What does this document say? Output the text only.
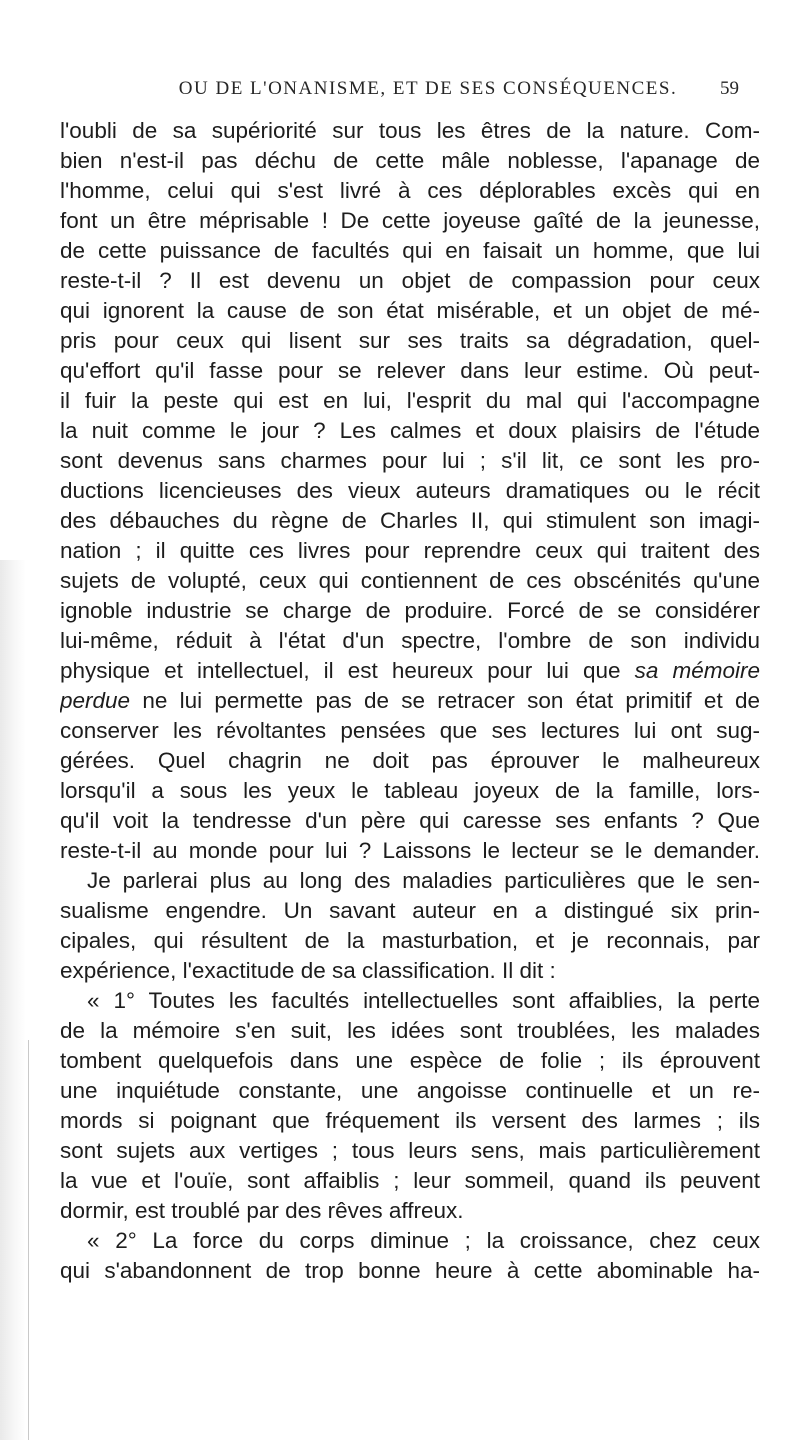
OU DE L'ONANISME, ET DE SES CONSÉQUENCES.	59
l'oubli de sa supériorité sur tous les êtres de la nature. Com-
bien n'est-il pas déchu de cette mâle noblesse, l'apanage de
l'homme, celui qui s'est livré à ces déplorables excès qui en
font un être méprisable ! De cette joyeuse gaîté de la jeunesse,
de cette puissance de facultés qui en faisait un homme, que lui
reste-t-il ? Il est devenu un objet de compassion pour ceux
qui ignorent la cause de son état misérable, et un objet de mé-
pris pour ceux qui lisent sur ses traits sa dégradation, quel-
qu'effort qu'il fasse pour se relever dans leur estime. Où peut-
il fuir la peste qui est en lui, l'esprit du mal qui l'accompagne
la nuit comme le jour ? Les calmes et doux plaisirs de l'étude
sont devenus sans charmes pour lui ; s'il lit, ce sont les pro-
ductions licencieuses des vieux auteurs dramatiques ou le récit
des débauches du règne de Charles II, qui stimulent son imagi-
nation ; il quitte ces livres pour reprendre ceux qui traitent des
sujets de volupté, ceux qui contiennent de ces obscénités qu'une
ignoble industrie se charge de produire. Forcé de se considérer
lui-même, réduit à l'état d'un spectre, l'ombre de son individu
physique et intellectuel, il est heureux pour lui que sa mémoire
perdue ne lui permette pas de se retracer son état primitif et de
conserver les révoltantes pensées que ses lectures lui ont sug-
gérées. Quel chagrin ne doit pas éprouver le malheureux
lorsqu'il a sous les yeux le tableau joyeux de la famille, lors-
qu'il voit la tendresse d'un père qui caresse ses enfants ? Que
reste-t-il au monde pour lui ? Laissons le lecteur se le demander.
Je parlerai plus au long des maladies particulières que le sen-
sualisme engendre. Un savant auteur en a distingué six prin-
cipales, qui résultent de la masturbation, et je reconnais, par
expérience, l'exactitude de sa classification. Il dit :
« 1° Toutes les facultés intellectuelles sont affaiblies, la perte
de la mémoire s'en suit, les idées sont troublées, les malades
tombent quelquefois dans une espèce de folie ; ils éprouvent
une inquiétude constante, une angoisse continuelle et un re-
mords si poignant que fréquement ils versent des larmes ; ils
sont sujets aux vertiges ; tous leurs sens, mais particulièrement
la vue et l'ouïe, sont affaiblis ; leur sommeil, quand ils peuvent
dormir, est troublé par des rêves affreux.
« 2° La force du corps diminue ; la croissance, chez ceux
qui s'abandonnent de trop bonne heure à cette abominable ha-
